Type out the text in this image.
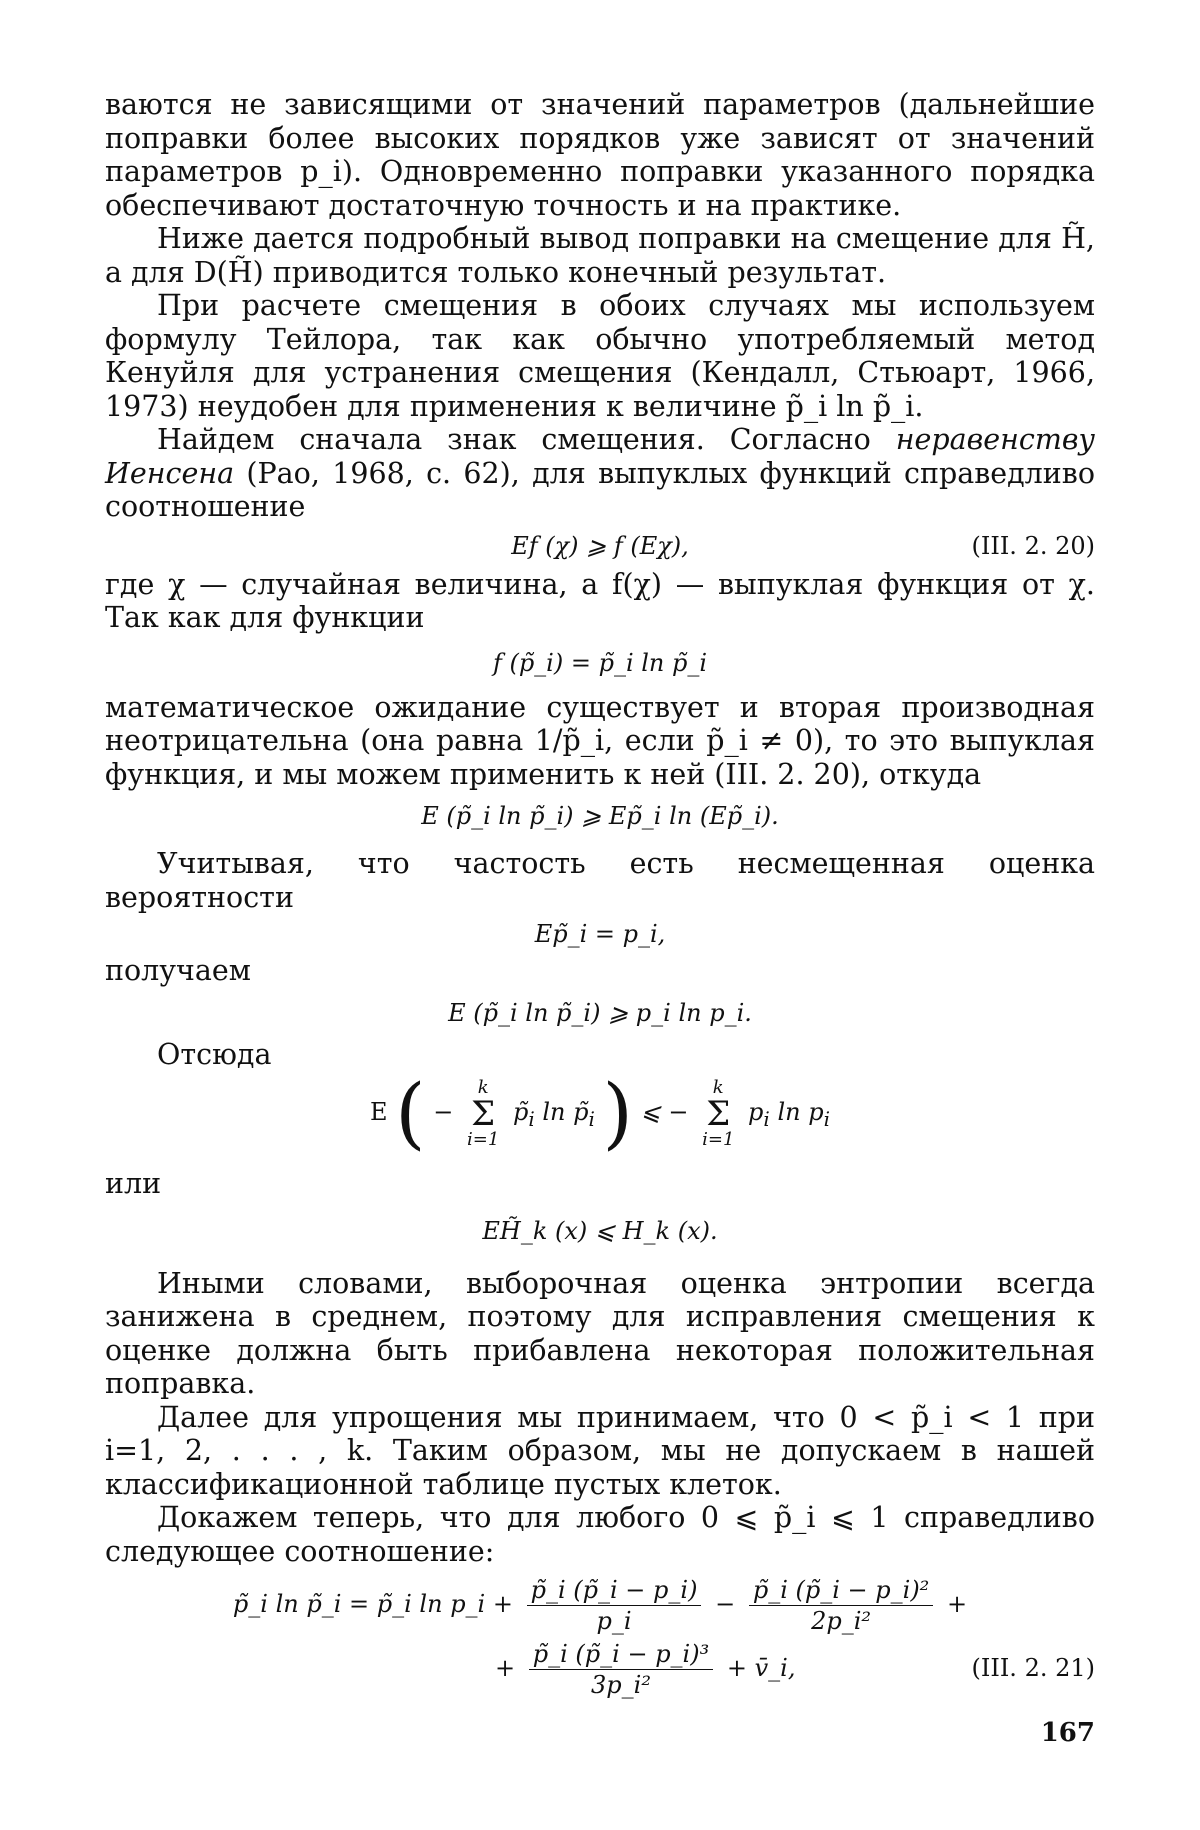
ваются не зависящими от значений параметров (дальнейшие поправки более высоких порядков уже зависят от значений параметров p_i). Одновременно поправки указанного порядка обеспечивают достаточную точность и на практике.

Ниже дается подробный вывод поправки на смещение для H̃, а для D(H̃) приводится только конечный результат.

При расчете смещения в обоих случаях мы используем формулу Тейлора, так как обычно употребляемый метод Кенуйля для устранения смещения (Кендалл, Стьюарт, 1966, 1973) неудобен для применения к величине p̃_i ln p̃_i.

Найдем сначала знак смещения. Согласно неравенству Иенсена (Рао, 1968, с. 62), для выпуклых функций справедливо соотношение

Ef (χ) ⩾ f (Eχ),	(III. 2. 20)

где χ — случайная величина, а f(χ) — выпуклая функция от χ. Так как для функции

f (p̃_i) = p̃_i ln p̃_i

математическое ожидание существует и вторая производная неотрицательна (она равна 1/p̃_i, если p̃_i ≠ 0), то это выпуклая функция, и мы можем применить к ней (III. 2. 20), откуда

E (p̃_i ln p̃_i) ⩾ Ep̃_i ln (Ep̃_i).

Учитывая, что частость есть несмещенная оценка вероятности

Ep̃_i = p_i,

получаем

E (p̃_i ln p̃_i) ⩾ p_i ln p_i.

Отсюда

E ( −
k
Σ
i=1
$p̃_i$ $\ln p̃_i$ ) ⩽ −
k
Σ
i=1
$p_i$ $\ln p_i$

или

EH̃_k (x) ⩽ H_k (x).

Иными словами, выборочная оценка энтропии всегда занижена в среднем, поэтому для исправления смещения к оценке должна быть прибавлена некоторая положительная поправка.

Далее для упрощения мы принимаем, что 0 < p̃_i < 1 при i=1, 2, . . . , k. Таким образом, мы не допускаем в нашей классификационной таблице пустых клеток.

Докажем теперь, что для любого 0 ⩽ p̃_i ⩽ 1 справедливо следующее соотношение:

p̃_i ln p̃_i = p̃_i ln p_i + $\frac{p̃\_i (p̃\_i - p\_i)}{p\_i} - \frac{\text{p̃\_i (p̃\_i − p\_i)²}}{\text{2p\_i²}}$ +
+ $\frac{\text{p̃\_i (p̃\_i − p\_i)³}}{\text{3p\_i²}}$ + v̄_i,	(III. 2. 21)
167
